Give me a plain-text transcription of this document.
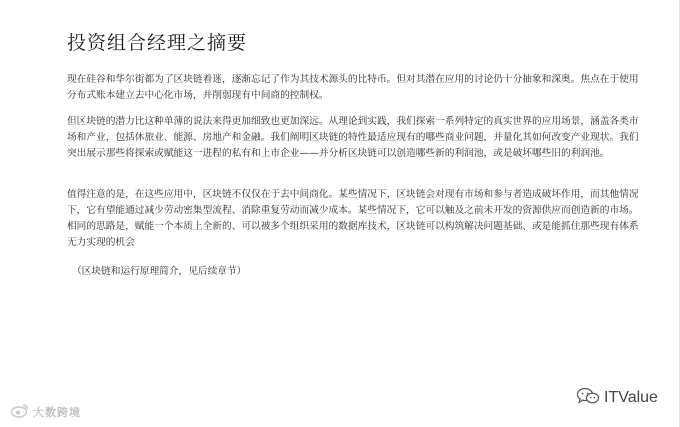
投资组合经理之摘要

现在硅谷和华尔街都为了区块链着迷，逐渐忘记了作为其技术源头的比特币。但对其潜在应用的讨论仍十分抽象和深奥。焦点在于使用分布式账本建立去中心化市场，并削弱现有中间商的控制权。

但区块链的潜力比这种单薄的说法来得更加细致也更加深远。从理论到实践，我们探索一系列特定的真实世界的应用场景，涵盖各类市场和产业，包括休旅业、能源、房地产和金融。我们阐明区块链的特性最适应现有的哪些商业问题，并量化其如何改变产业现状。我们突出展示那些将探索或赋能这一进程的私有和上市企业——并分析区块链可以创造哪些新的利润池，或是破坏哪些旧的利润池。

值得注意的是，在这些应用中，区块链不仅仅在于去中间商化。某些情况下，区块链会对现有市场和参与者造成破坏作用，而其他情况下，它有望能通过减少劳动密集型流程、消除重复劳动而减少成本。某些情况下，它可以触及之前未开发的资源供应而创造新的市场。相同的思路是，赋能一个本质上全新的、可以被多个组织采用的数据库技术，区块链可以构筑解决问题基础、或是能抓住那些现有体系无力实现的机会

（区块链和运行原理简介，见后续章节）
大数跨境
ITValue
